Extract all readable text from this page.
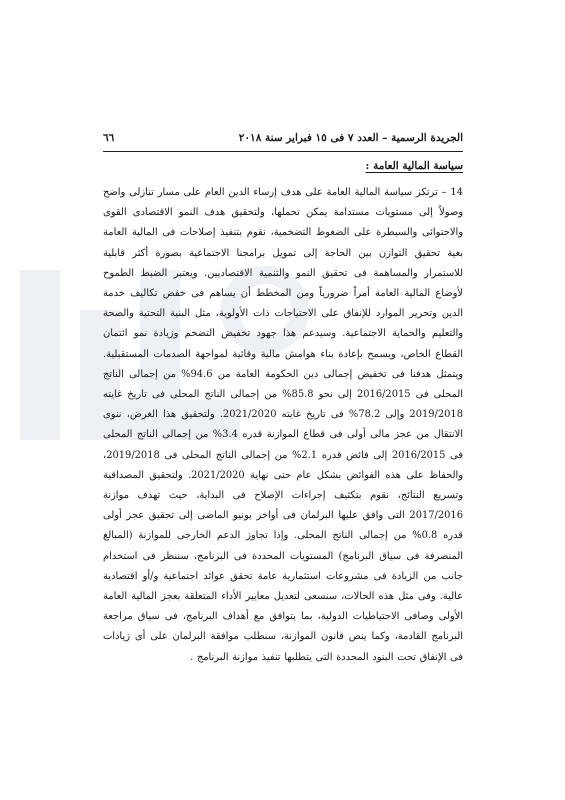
الجريدة الرسمية – العدد ٧ فى ١٥ فبراير سنة ٢٠١٨
٦٦
سياسة المالية العامة :
14 – ترتكز سياسة المالية العامة على هدف إرساء الدين العام على مسار تنازلى واضح وصولاً إلى مستويات مستدامة يمكن تحملها، ولتحقيق هدف النمو الاقتصادى القوى والاحتوائى والسيطرة على الضغوط التضخمية، نقوم بتنفيذ إصلاحات فى المالية العامة بغية تحقيق التوازن بين الحاجة إلى تمويل برامجنا الاجتماعية بصورة أكثر قابلية للاستمرار والمساهمة فى تحقيق النمو والتنمية الاقتصاديين. ويعتبر الضبط الطموح لأوضاع المالية العامة أمراً ضرورياً ومن المخطط أن يساهم فى خفض تكاليف خدمة الدين وتحرير الموارد للإنفاق على الاحتياجات ذات الأولوية، مثل البنية التحتية والصحة والتعليم والحماية الاجتماعية. وسيدعم هذا جهود تخفيض التضخم وزيادة نمو ائتمان القطاع الخاص، ويسمح بإعادة بناء هوامش مالية وقائية لمواجهة الصدمات المستقبلية. ويتمثل هدفنا فى تخفيض إجمالى دين الحكومة العامة من 94.6% من إجمالى الناتج المحلى فى 2016/2015 إلى نحو 85.8% من إجمالى الناتج المحلى فى تاريخ غايته 2019/2018 وإلى 78.2% فى تاريخ غايته 2021/2020. ولتحقيق هذا الغرض، ننوى الانتقال من عجز مالى أولى فى قطاع الموازنة قدره 3.4% من إجمالى الناتج المحلى فى 2016/2015 إلى فائض قدره 2.1% من إجمالى الناتج المحلى فى 2019/2018، والحفاظ على هذه الفوائض بشكل عام حتى نهاية 2021/2020. ولتحقيق المصداقية وتسريع النتائج، نقوم بتكثيف إجراءات الإصلاح فى البداية، حيث تهدف موازنة 2017/2016 التى وافق عليها البرلمان فى أواخر يونيو الماضى إلى تحقيق عجز أولى قدره 0.8% من إجمالى الناتج المحلى. وإذا تجاوز الدعم الخارجى للموازنة (المبالغ المنصرفة فى سياق البرنامج) المستويات المحددة فى البرنامج، سننظر فى استخدام جانب من الزيادة فى مشروعات استثمارية عامة تحقق عوائد اجتماعية و/أو اقتصادية عالية. وفى مثل هذه الحالات، سنسعى لتعديل معايير الأداء المتعلقة بعجز المالية العامة الأولى وصافى الاحتياطيات الدولية، بما يتوافق مع أهداف البرنامج، فى سياق مراجعة البرنامج القادمة، وكما ينص قانون الموازنة، سنطلب موافقة البرلمان على أى زيادات فى الإنفاق تحت البنود المحددة التى يتطلبها تنفيذ موازنة البرنامج .
